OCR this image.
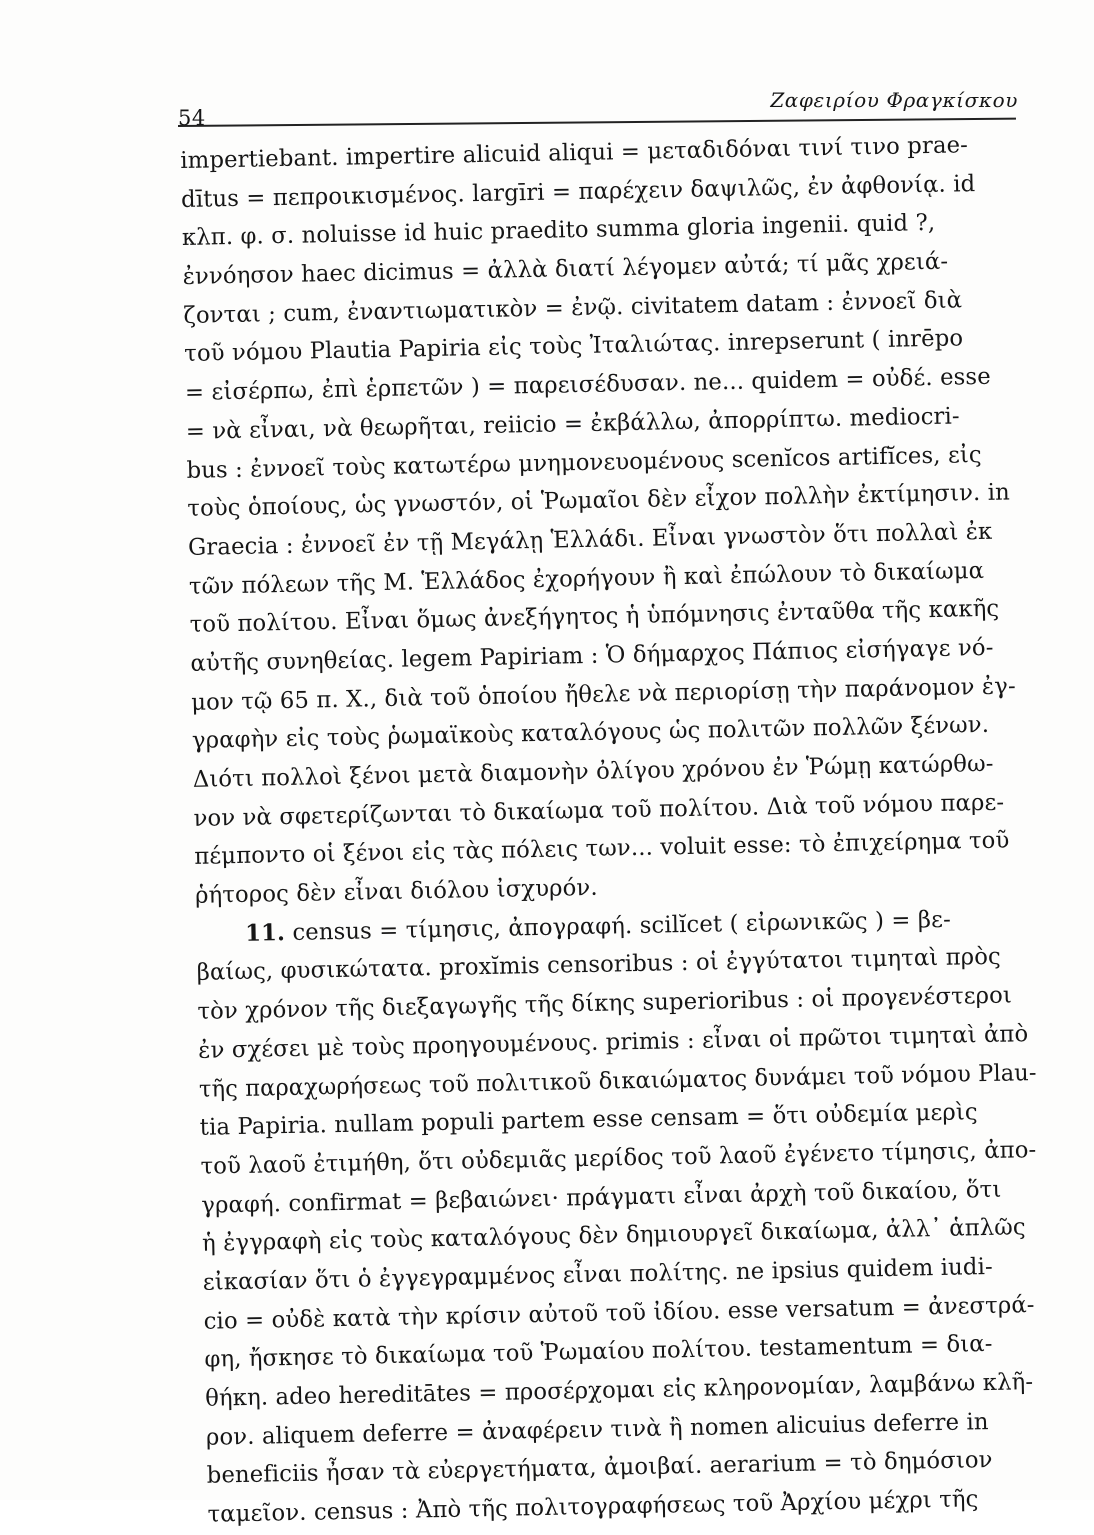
54
Ζαφειρίου Φραγκίσκου
impertiebant. impertire alicuid aliqui = μεταδιδόναι τινί τινο prae-
dītus = πεπροικισμένος. largīri = παρέχειν δαψιλῶς, ἐν ἀφθονίᾳ. id
κλπ. φ. σ. noluisse id huic praedito summa gloria ingenii. quid ?,
ἐννόησον haec dicimus = ἀλλὰ διατί λέγομεν αὐτά; τί μᾶς χρειά-
ζονται ; cum, ἐναντιωματικὸν = ἐνῷ. civitatem datam : ἐννοεῖ διὰ
τοῦ νόμου Plautia Papiria εἰς τοὺς Ἰταλιώτας. inrepserunt ( inrēpo
= εἰσέρπω, ἐπὶ ἑρπετῶν ) = παρεισέδυσαν. ne... quidem = οὐδέ. esse
= νὰ εἶναι, νὰ θεωρῆται, reiicio = ἐκβάλλω, ἀπορρίπτω. mediocri-
bus : ἐννοεῖ τοὺς κατωτέρω μνημονευομένους scenĭcos artifĭces, εἰς
τοὺς ὁποίους, ὡς γνωστόν, οἱ Ῥωμαῖοι δὲν εἶχον πολλὴν ἐκτίμησιν. in
Graecia : ἐννοεῖ ἐν τῇ Μεγάλῃ Ἑλλάδι. Εἶναι γνωστὸν ὅτι πολλαὶ ἐκ
τῶν πόλεων τῆς Μ. Ἑλλάδος ἐχορήγουν ἢ καὶ ἐπώλουν τὸ δικαίωμα
τοῦ πολίτου. Εἶναι ὅμως ἀνεξήγητος ἡ ὑπόμνησις ἐνταῦθα τῆς κακῆς
αὐτῆς συνηθείας. legem Papiriam : Ὁ δήμαρχος Πάπιος εἰσήγαγε νό-
μον τῷ 65 π. Χ., διὰ τοῦ ὁποίου ἤθελε νὰ περιορίσῃ τὴν παράνομον ἐγ-
γραφὴν εἰς τοὺς ῥωμαϊκοὺς καταλόγους ὡς πολιτῶν πολλῶν ξένων.
Διότι πολλοὶ ξένοι μετὰ διαμονὴν ὀλίγου χρόνου ἐν Ῥώμῃ κατώρθω-
νον νὰ σφετερίζωνται τὸ δικαίωμα τοῦ πολίτου. Διὰ τοῦ νόμου παρε-
πέμποντο οἱ ξένοι εἰς τὰς πόλεις των... voluit esse: τὸ ἐπιχείρημα τοῦ
ῥήτορος δὲν εἶναι διόλου ἰσχυρόν.
11. census = τίμησις, ἀπογραφή. scilĭcet ( εἰρωνικῶς ) = βε-
βαίως, φυσικώτατα. proxĭmis censoribus : οἱ ἐγγύτατοι τιμηταὶ πρὸς
τὸν χρόνον τῆς διεξαγωγῆς τῆς δίκης superioribus : οἱ προγενέστεροι
ἐν σχέσει μὲ τοὺς προηγουμένους. primis : εἶναι οἱ πρῶτοι τιμηταὶ ἀπὸ
τῆς παραχωρήσεως τοῦ πολιτικοῦ δικαιώματος δυνάμει τοῦ νόμου Plau-
tia Papiria. nullam populi partem esse censam = ὅτι οὐδεμία μερὶς
τοῦ λαοῦ ἐτιμήθη, ὅτι οὐδεμιᾶς μερίδος τοῦ λαοῦ ἐγένετο τίμησις, ἀπο-
γραφή. confirmat = βεβαιώνει· πράγματι εἶναι ἀρχὴ τοῦ δικαίου, ὅτι
ἡ ἐγγραφὴ εἰς τοὺς καταλόγους δὲν δημιουργεῖ δικαίωμα, ἀλλ᾽ ἁπλῶς
εἰκασίαν ὅτι ὁ ἐγγεγραμμένος εἶναι πολίτης. ne ipsius quidem iudi-
cio = οὐδὲ κατὰ τὴν κρίσιν αὐτοῦ τοῦ ἰδίου. esse versatum = ἀνεστρά-
φη, ἤσκησε τὸ δικαίωμα τοῦ Ῥωμαίου πολίτου. testamentum = δια-
θήκη. adeo hereditātes = προσέρχομαι εἰς κληρονομίαν, λαμβάνω κλῆ-
ρον. aliquem deferre = ἀναφέρειν τινὰ ἢ nomen alicuius deferre in
beneficiis ἦσαν τὰ εὐεργετήματα, ἀμοιβαί. aerarium = τὸ δημόσιον
ταμεῖον. census : Ἀπὸ τῆς πολιτογραφήσεως τοῦ Ἀρχίου μέχρι τῆς
